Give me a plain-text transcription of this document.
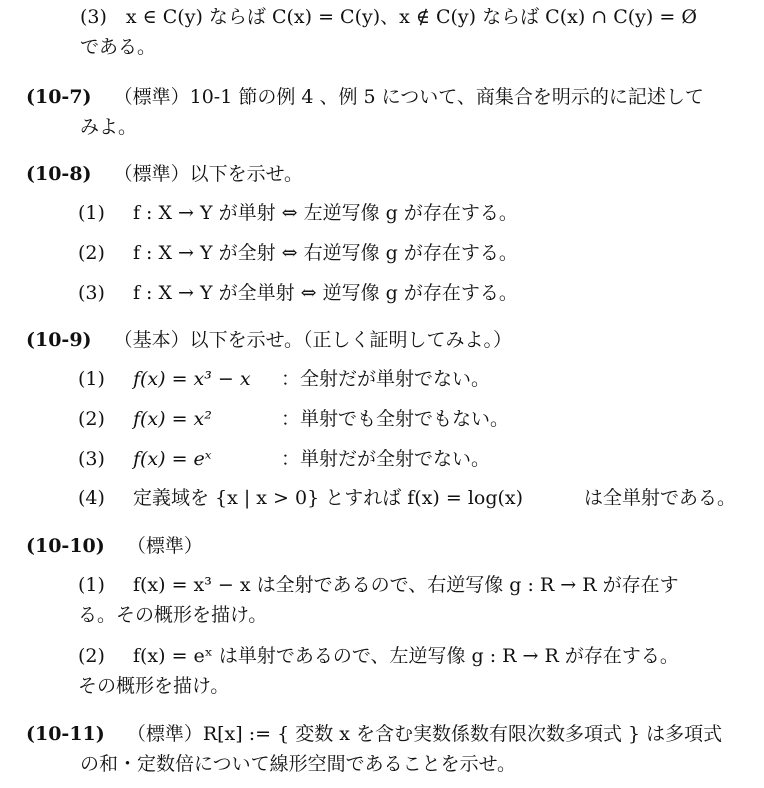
(3)　x ∈ C(y) ならば C(x) = C(y)、x ∉ C(y) ならば C(x) ∩ C(y) = Ø
である。
(10-7) （標準）10-1 節の例 4 、例 5 について、商集合を明示的に記述して
みよ。
(10-8) （標準）以下を示せ。
(1) f : X → Y が単射 ⇔ 左逆写像 g が存在する。
(2) f : X → Y が全射 ⇔ 右逆写像 g が存在する。
(3) f : X → Y が全単射 ⇔ 逆写像 g が存在する。
(10-9) （基本）以下を示せ。（正しく証明してみよ。）
(1) f(x) = x³ − x ：全射だが単射でない。
(2) f(x) = x²	：単射でも全射でもない。
(3) f(x) = eˣ	：単射だが全射でない。
(4) 定義域を {x | x > 0} とすれば f(x) = log(x)	は全単射である。
(10-10) （標準）
(1) f(x) = x³ − x は全射であるので、右逆写像 g : R → R が存在す
る。その概形を描け。
(2) f(x) = eˣ は単射であるので、左逆写像 g : R → R が存在する。
その概形を描け。
(10-11) （標準）R[x] := { 変数 x を含む実数係数有限次数多項式 } は多項式
の和・定数倍について線形空間であることを示せ。
